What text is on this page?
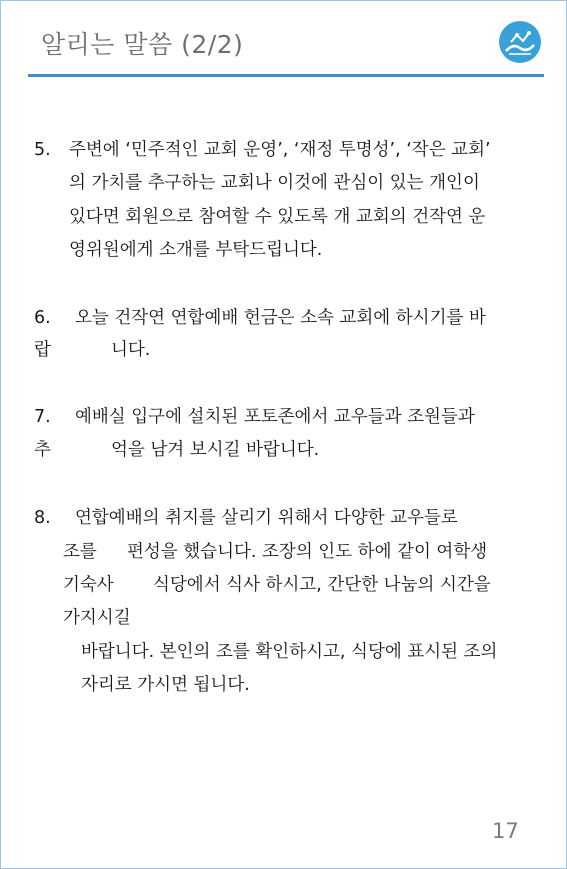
알리는 말씀 (2/2)
5. 주변에 ‘민주적인 교회 운영’, ‘재정 투명성’, ‘작은 교회’
의 가치를 추구하는 교회나 이것에 관심이 있는 개인이
있다면 회원으로 참여할 수 있도록 개 교회의 건작연 운
영위원에게 소개를 부탁드립니다.
6. 오늘 건작연 연합예배 헌금은 소속 교회에 하시기를 바
랍	니다.
7. 예배실 입구에 설치된 포토존에서 교우들과 조원들과
추	억을 남겨 보시길 바랍니다.
8. 연합예배의 취지를 살리기 위해서 다양한 교우들로
조를 편성을 했습니다. 조장의 인도 하에 같이 여학생
기숙사 식당에서 식사 하시고, 간단한 나눔의 시간을
가지시길
바랍니다. 본인의 조를 확인하시고, 식당에 표시된 조의
자리로 가시면 됩니다.
17
